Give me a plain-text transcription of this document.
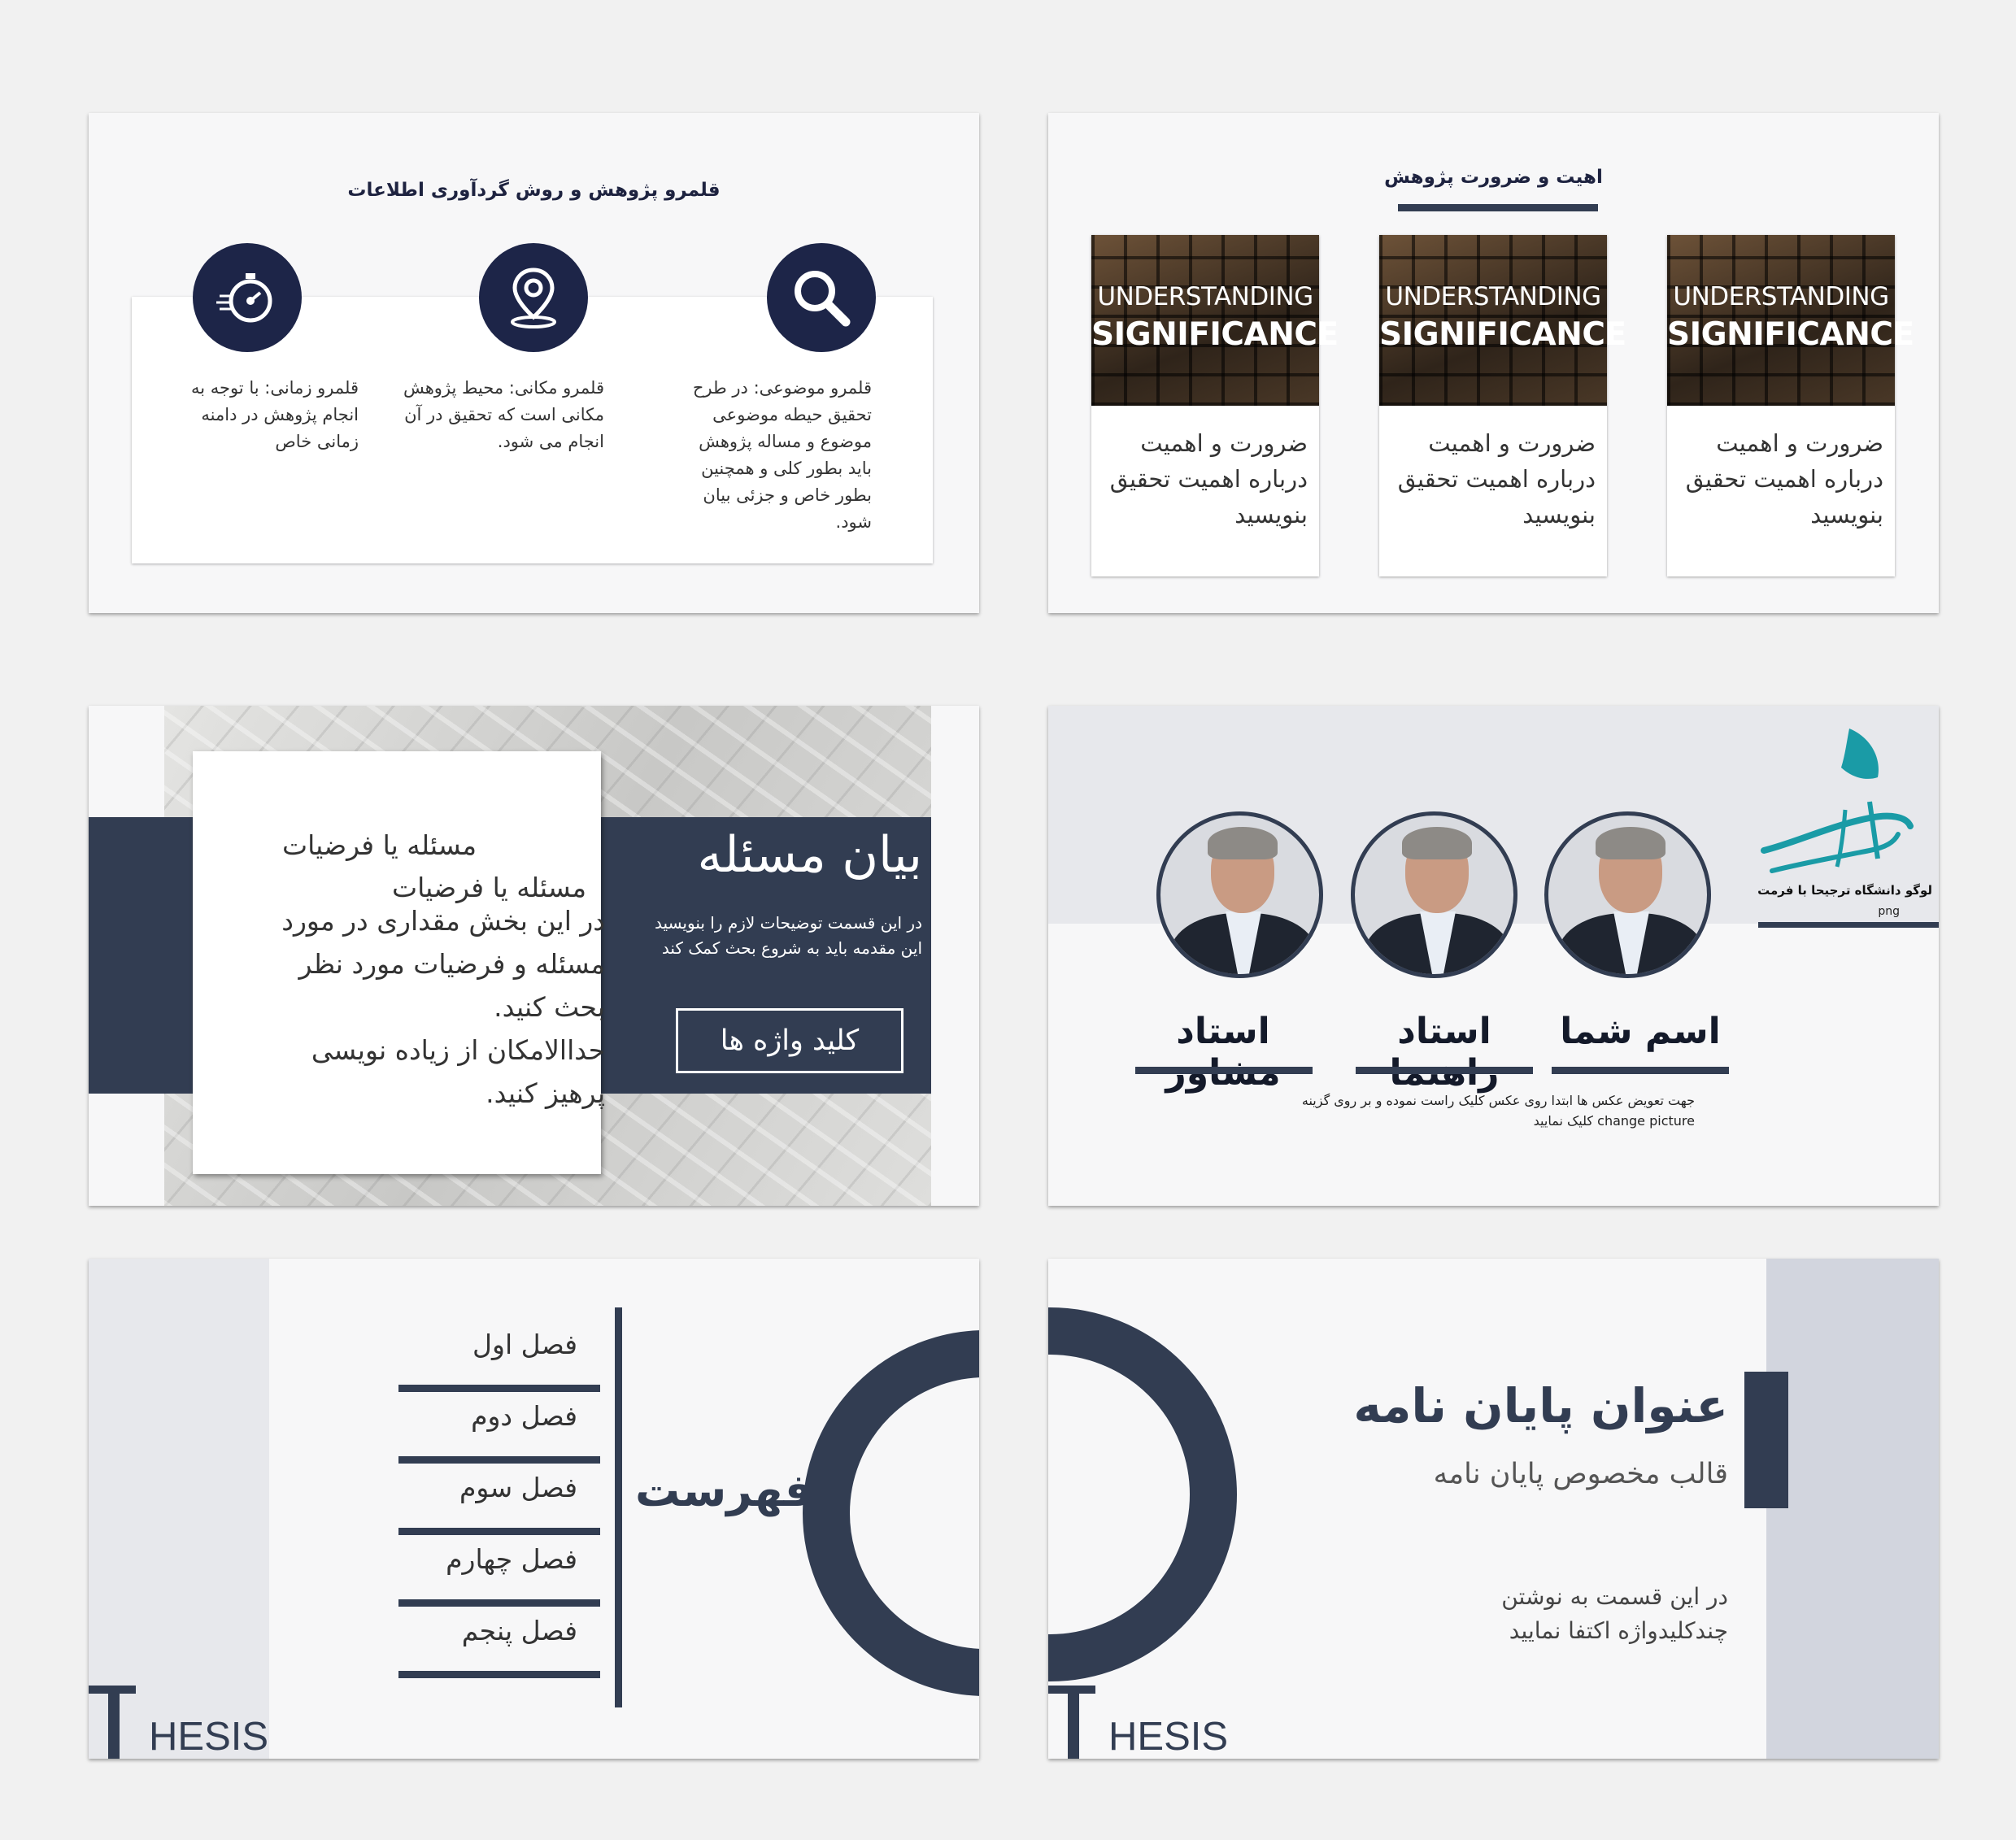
قلمرو پژوهش و روش گردآوری اطلاعات
قلمرو زمانی: با توجه به
انجام پژوهش در دامنه
زمانی خاص
قلمرو مکانی: محیط پژوهش
مکانی است که تحقیق در آن
انجام می شود.
قلمرو موضوعی: در طرح
تحقیق حیطه موضوعی
موضوع و مساله پژوهش
باید بطور کلی و همچنین
بطور خاص و جزئی بیان
شود.
اهیت و ضرورت پژوهش
UNDERSTANDING
SIGNIFICANCE
ضرورت و اهمیت
درباره اهمیت تحقیق
بنویسید
UNDERSTANDING
SIGNIFICANCE
ضرورت و اهمیت
درباره اهمیت تحقیق
بنویسید
UNDERSTANDING
SIGNIFICANCE
ضرورت و اهمیت
درباره اهمیت تحقیق
بنویسید
مسئله یا فرضیات
مسئله یا فرضیات
در این بخش مقداری در مورد
مسئله و فرضیات مورد نظر
بحث کنید.
حداالامکان از زیاده نویسی
پرهیز کنید.
بیان مسئله
در این قسمت توضیحات لازم را بنویسید
این مقدمه باید به شروع بحث کمک کند
کلید واژه ها
لوگو دانشگاه ترجیحا با فرمت
png
اسم شما
استاد
استاد
جهت تعویض عکس ها ابتدا روی عکس کلیک راست نموده و بر روی گزینه
change picture کلیک نمایید
فصل اول
فصل دوم
فصل سوم
فصل چهارم
فصل پنجم
فهرست
HESIS
عنوان پایان نامه
قالب مخصوص پایان نامه
در این قسمت به نوشتن
چندکلیدواژه اکتفا نمایید
HESIS
